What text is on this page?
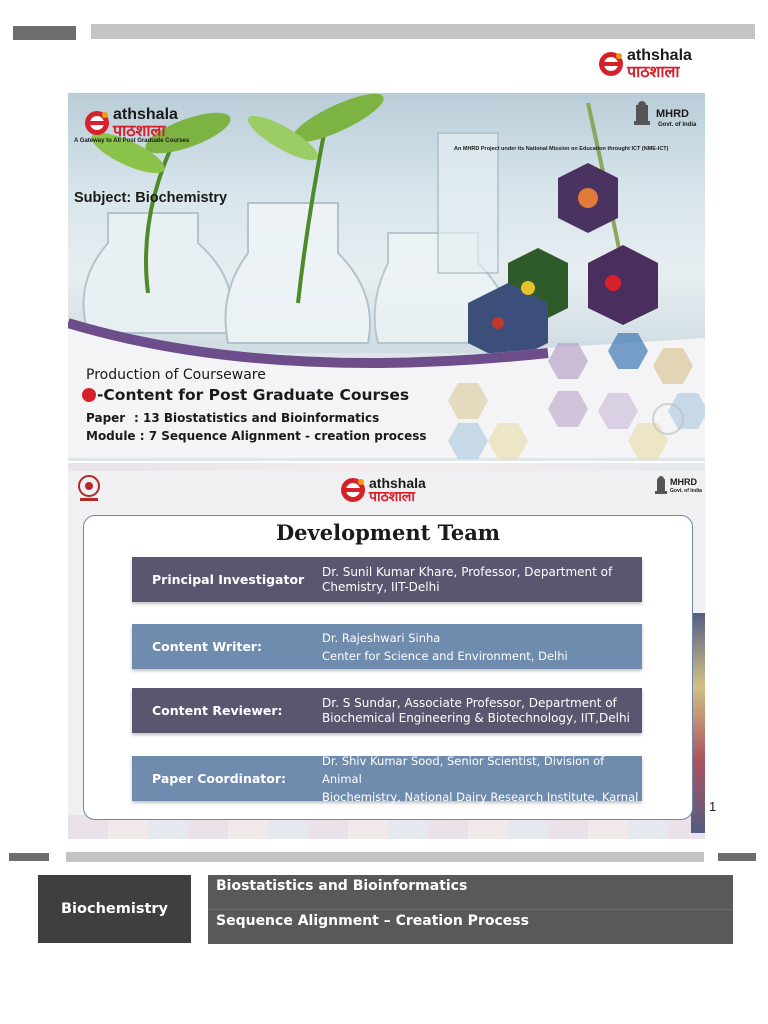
athshala
पाठशाला
athshala
पाठशाला
A Gateway to All Post Graduate Courses
MHRD
Govt. of India
An MHRD Project under its National Mission on Education throught ICT (NME-ICT)
Subject: Biochemistry
Production of Courseware
-Content for Post Graduate Courses
Paper : 13 Biostatistics and Bioinformatics
Module : 7 Sequence Alignment - creation process
athshala
पाठशाला
MHRD
Govt. of India
Development Team
Principal Investigator
Dr. Sunil Kumar Khare, Professor, Department of
Chemistry, IIT-Delhi
Content Writer:
Dr. Rajeshwari Sinha
Center for Science and Environment, Delhi
Content Reviewer:
Dr. S Sundar, Associate Professor, Department of
Biochemical Engineering & Biotechnology, IIT,Delhi
Paper Coordinator:
Dr. Shiv Kumar Sood, Senior Scientist, Division of Animal
Biochemistry, National Dairy Research Institute, Karnal
1
Biochemistry
Biostatistics and Bioinformatics
Sequence Alignment – Creation Process
